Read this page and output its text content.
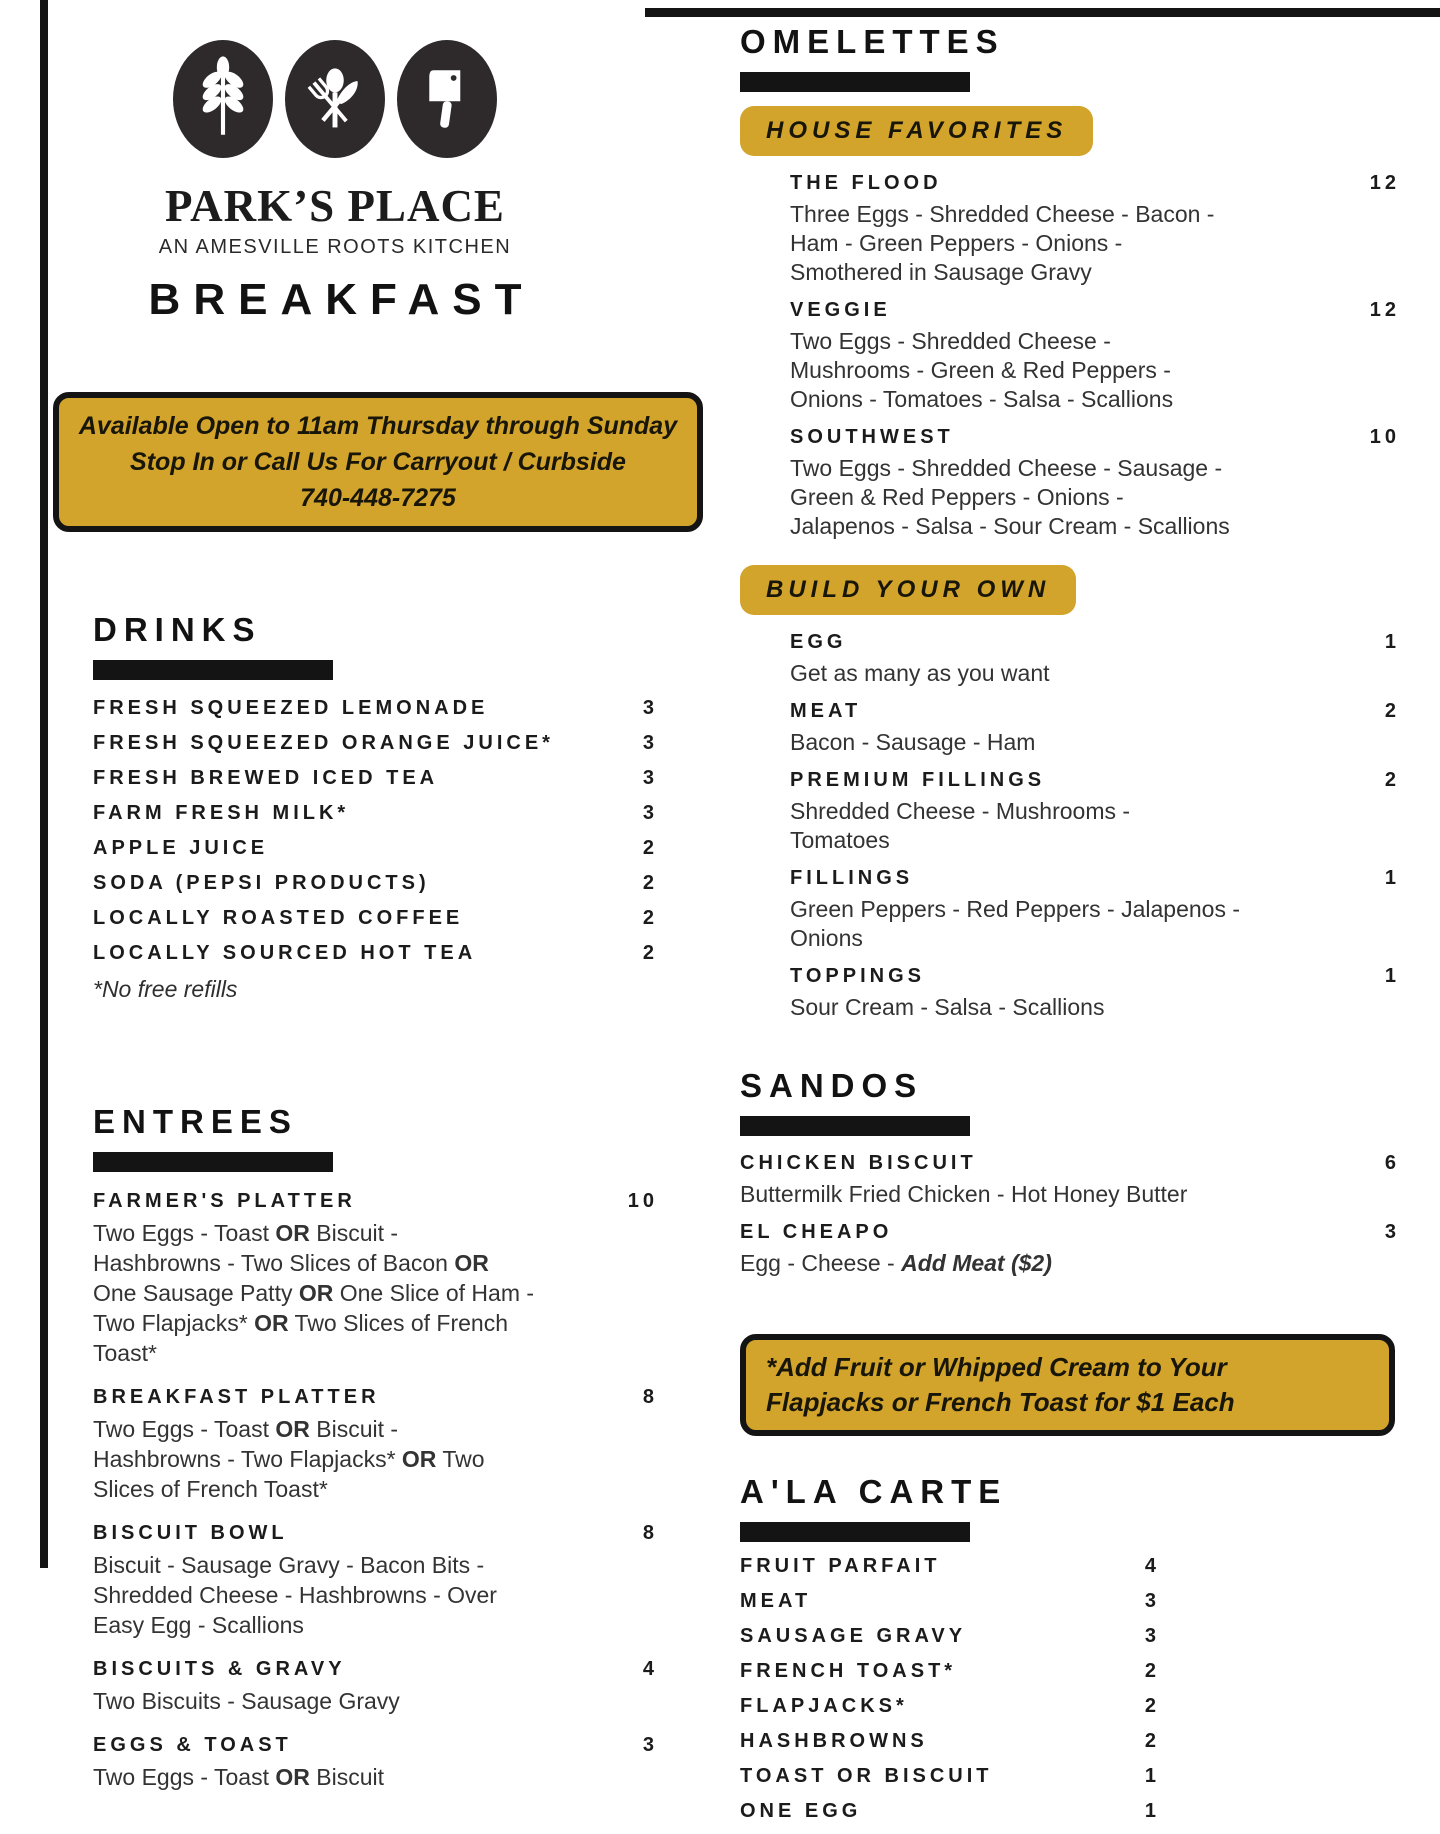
PARK’S PLACE
AN AMESVILLE ROOTS KITCHEN
BREAKFAST
Available Open to 11am Thursday through Sunday
Stop In or Call Us For Carryout / Curbside
740-448-7275
DRINKS
FRESH SQUEEZED LEMONADE	3
FRESH SQUEEZED ORANGE JUICE*	3
FRESH BREWED ICED TEA	3
FARM FRESH MILK*	3
APPLE JUICE	2
SODA (PEPSI PRODUCTS)	2
LOCALLY ROASTED COFFEE	2
LOCALLY SOURCED HOT TEA	2
*No free refills
ENTREES
FARMER'S PLATTER	10
Two Eggs - Toast OR Biscuit -
Hashbrowns - Two Slices of Bacon OR
One Sausage Patty OR One Slice of Ham -
Two Flapjacks* OR Two Slices of French
Toast*
BREAKFAST PLATTER	8
Two Eggs - Toast OR Biscuit -
Hashbrowns - Two Flapjacks* OR Two
Slices of French Toast*
BISCUIT BOWL	8
Biscuit - Sausage Gravy - Bacon Bits -
Shredded Cheese - Hashbrowns - Over
Easy Egg - Scallions
BISCUITS & GRAVY	4
Two Biscuits - Sausage Gravy
EGGS & TOAST	3
Two Eggs - Toast OR Biscuit
OMELETTES
HOUSE FAVORITES
THE FLOOD	12
Three Eggs - Shredded Cheese - Bacon -
Ham - Green Peppers - Onions -
Smothered in Sausage Gravy
VEGGIE	12
Two Eggs - Shredded Cheese -
Mushrooms - Green & Red Peppers -
Onions - Tomatoes - Salsa - Scallions
SOUTHWEST	10
Two Eggs - Shredded Cheese - Sausage -
Green & Red Peppers - Onions -
Jalapenos - Salsa - Sour Cream - Scallions
BUILD YOUR OWN
EGG	1
Get as many as you want
MEAT	2
Bacon - Sausage - Ham
PREMIUM FILLINGS	2
Shredded Cheese - Mushrooms -
Tomatoes
FILLINGS	1
Green Peppers - Red Peppers - Jalapenos -
Onions
TOPPINGS	1
Sour Cream - Salsa - Scallions
SANDOS
CHICKEN BISCUIT	6
Buttermilk Fried Chicken - Hot Honey Butter
EL CHEAPO	3
Egg - Cheese - Add Meat ($2)
*Add Fruit or Whipped Cream to Your
Flapjacks or French Toast for $1 Each
A'LA CARTE
FRUIT PARFAIT	4
MEAT	3
SAUSAGE GRAVY	3
FRENCH TOAST*	2
FLAPJACKS*	2
HASHBROWNS	2
TOAST OR BISCUIT	1
ONE EGG	1
